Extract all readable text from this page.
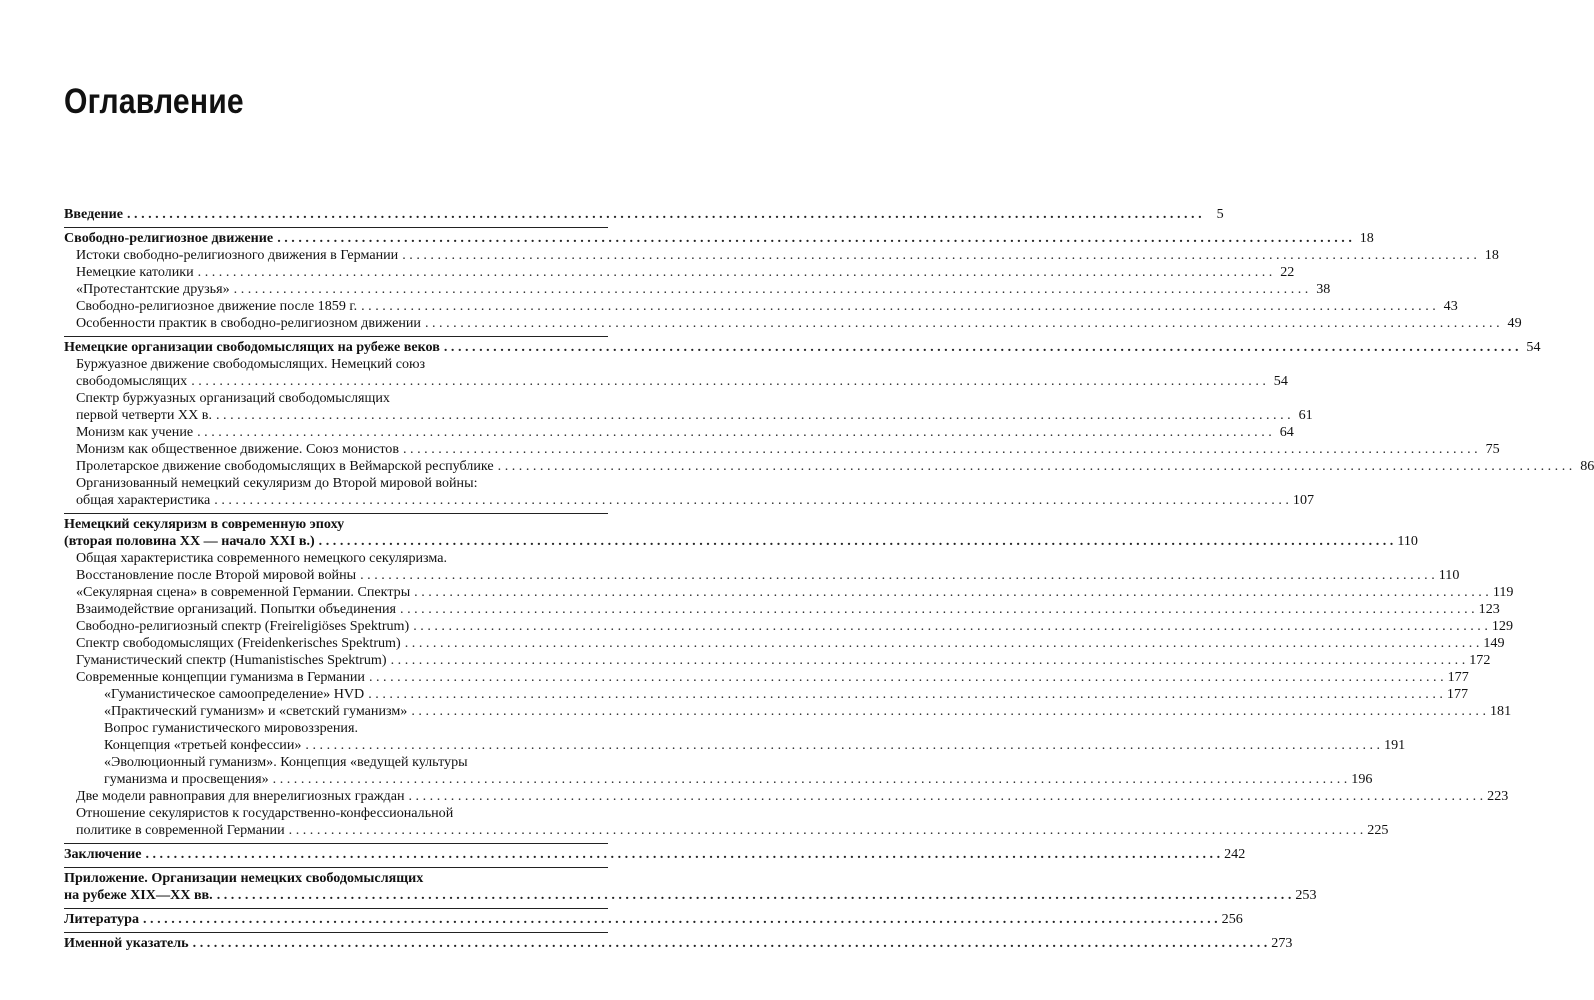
Оглавление
Введение . . .	5
Свободно-религиозное движение . . .	18
Истоки свободно-религиозного движения в Германии . . .	18
Немецкие католики . . .	22
«Протестантские друзья» . . .	38
Свободно-религиозное движение после 1859 г. . . .	43
Особенности практик в свободно-религиозном движении . . .	49
Немецкие организации свободомыслящих на рубеже веков . . .	54
Буржуазное движение свободомыслящих. Немецкий союз
свободомыслящих . . .	54
Спектр буржуазных организаций свободомыслящих
первой четверти XX в. . . .	61
Монизм как учение . . .	64
Монизм как общественное движение. Союз монистов . . .	75
Пролетарское движение свободомыслящих в Веймарской республике . . .	86
Организованный немецкий секуляризм до Второй мировой войны:
общая характеристика . . .	107
Немецкий секуляризм в современную эпоху
(вторая половина XX — начало XXI в.) . . .	110
Общая характеристика современного немецкого секуляризма.
Восстановление после Второй мировой войны . . .	110
«Секулярная сцена» в современной Германии. Спектры . . .	119
Взаимодействие организаций. Попытки объединения . . .	123
Свободно-религиозный спектр (Freireligiöses Spektrum) . . .	129
Спектр свободомыслящих (Freidenkerisches Spektrum) . . .	149
Гуманистический спектр (Humanistisches Spektrum) . . .	172
Современные концепции гуманизма в Германии . . .	177
«Гуманистическое самоопределение» HVD . . .	177
«Практический гуманизм» и «светский гуманизм» . . .	181
Вопрос гуманистического мировоззрения.
Концепция «третьей конфессии» . . .	191
«Эволюционный гуманизм». Концепция «ведущей культуры
гуманизма и просвещения» . . .	196
Две модели равноправия для внерелигиозных граждан . . .	223
Отношение секуляристов к государственно-конфессиональной
политике в современной Германии . . .	225
Заключение . . .	242
Приложение. Организации немецких свободомыслящих
на рубеже XIX—XX вв. . . .	253
Литература . . .	256
Именной указатель . . .	273
